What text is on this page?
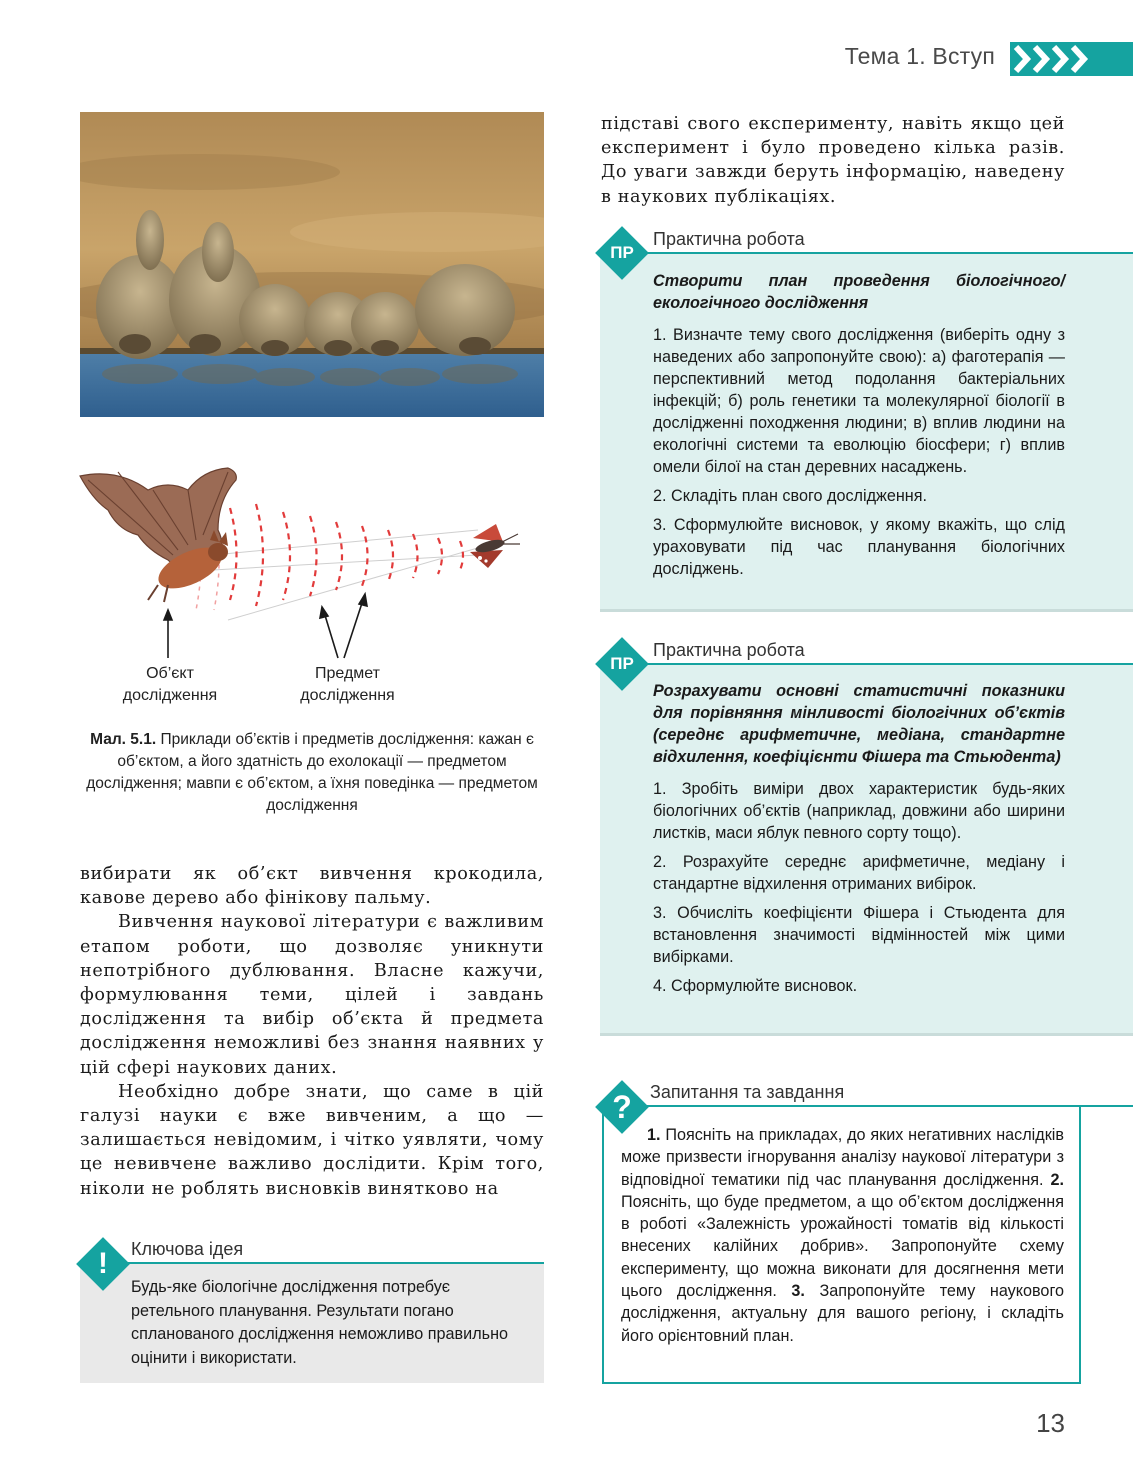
Тема 1. Вступ
Об’єкт
дослідження
Предмет
дослідження
Мал. 5.1. Приклади об’єктів і предметів дослідження: кажан є об’єктом, а його здатність до ехолокації — предметом дослідження; мавпи є об’єктом, а їхня поведінка — предметом дослідження

вибирати як об’єкт вивчення крокодила, кавове дерево або фінікову пальму.

Вивчення наукової літератури є важливим етапом роботи, що дозволяє уникнути непотрібного дублювання. Власне кажучи, формулювання теми, цілей і завдань дослідження та вибір об’єкта й предмета дослідження неможливі без знання наявних у цій сфері наукових даних.

Необхідно добре знати, що саме в цій галузі науки є вже вивченим, а що — залишається невідомим, і чітко уявляти, чому це невивчене важливо дослідити. Крім того, ніколи не роблять висновків винятково на

!	Ключова ідея
Будь-яке біологічне дослідження потребує ретельного планування. Результати погано спланованого дослідження неможливо правильно оцінити і використати.

підставі свого експерименту, навіть якщо цей експеримент і було проведено кілька разів. До уваги завжди беруть інформацію, наведену в наукових публікаціях.

ПР
Практична робота
Створити план проведення біологічного/екологічного дослідження
1. Визначте тему свого дослідження (виберіть одну з наведених або запропонуйте свою): а) фаготерапія — перспективний метод подолання бактеріальних інфекцій; б) роль генетики та молекулярної біології в дослідженні походження людини; в) вплив людини на екологічні системи та еволюцію біосфери; г) вплив омели білої на стан деревних насаджень.
2. Складіть план свого дослідження.
3. Сформулюйте висновок, у якому вкажіть, що слід ураховувати під час планування біологічних досліджень.
ПР
Практична робота
Розрахувати основні статистичні показники для порівняння мінливості біологічних об’єктів (середнє арифметичне, медіана, стандартне відхилення, коефіцієнти Фішера та Стьюдента)
1. Зробіть виміри двох характеристик будь-яких біологічних об’єктів (наприклад, довжини або ширини листків, маси яблук певного сорту тощо).
2. Розрахуйте середнє арифметичне, медіану і стандартне відхилення отриманих вибірок.
3. Обчисліть коефіцієнти Фішера і Стьюдента для встановлення значимості відмінностей між цими вибірками.
4. Сформулюйте висновок.
?	Запитання та завдання
1. Поясніть на прикладах, до яких негативних наслідків може призвести ігнорування аналізу наукової літератури з відповідної тематики під час планування дослідження. 2. Поясніть, що буде предметом, а що об’єктом дослідження в роботі «Залежність урожайності томатів від кількості внесених калійних добрив». Запропонуйте схему експерименту, що можна виконати для досягнення мети цього дослідження. 3. Запропонуйте тему наукового дослідження, актуальну для вашого регіону, і складіть його орієнтовний план.
13
